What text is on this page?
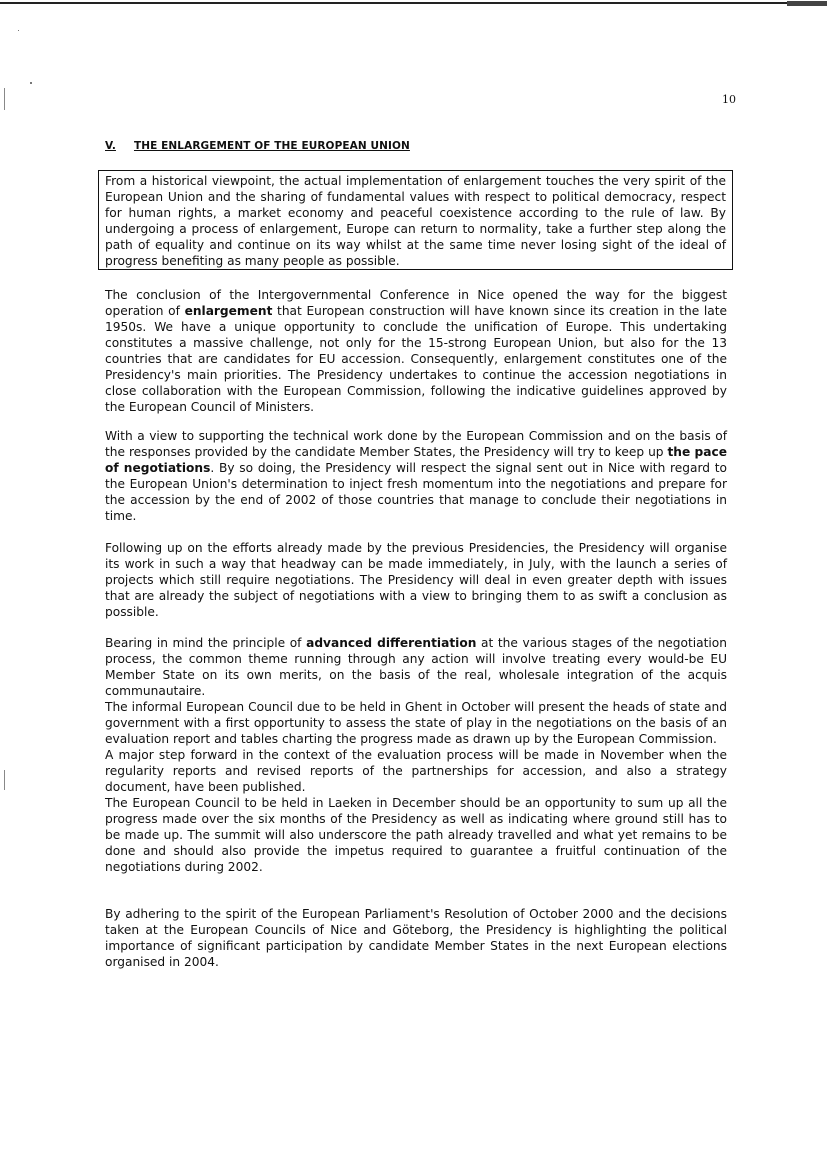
10
V. THE ENLARGEMENT OF THE EUROPEAN UNION
From a historical viewpoint, the actual implementation of enlargement touches the very spirit of the European Union and the sharing of fundamental values with respect to political democracy, respect for human rights, a market economy and peaceful coexistence according to the rule of law. By undergoing a process of enlargement, Europe can return to normality, take a further step along the path of equality and continue on its way whilst at the same time never losing sight of the ideal of progress benefiting as many people as possible.
The conclusion of the Intergovernmental Conference in Nice opened the way for the biggest operation of enlargement that European construction will have known since its creation in the late 1950s. We have a unique opportunity to conclude the unification of Europe. This undertaking constitutes a massive challenge, not only for the 15-strong European Union, but also for the 13 countries that are candidates for EU accession. Consequently, enlargement constitutes one of the Presidency's main priorities. The Presidency undertakes to continue the accession negotiations in close collaboration with the European Commission, following the indicative guidelines approved by the European Council of Ministers.
With a view to supporting the technical work done by the European Commission and on the basis of the responses provided by the candidate Member States, the Presidency will try to keep up the pace of negotiations. By so doing, the Presidency will respect the signal sent out in Nice with regard to the European Union's determination to inject fresh momentum into the negotiations and prepare for the accession by the end of 2002 of those countries that manage to conclude their negotiations in time.
Following up on the efforts already made by the previous Presidencies, the Presidency will organise its work in such a way that headway can be made immediately, in July, with the launch a series of projects which still require negotiations. The Presidency will deal in even greater depth with issues that are already the subject of negotiations with a view to bringing them to as swift a conclusion as possible.

Bearing in mind the principle of advanced differentiation at the various stages of the negotiation process, the common theme running through any action will involve treating every would-be EU Member State on its own merits, on the basis of the real, wholesale integration of the acquis communautaire.

The informal European Council due to be held in Ghent in October will present the heads of state and government with a first opportunity to assess the state of play in the negotiations on the basis of an evaluation report and tables charting the progress made as drawn up by the European Commission.

A major step forward in the context of the evaluation process will be made in November when the regularity reports and revised reports of the partnerships for accession, and also a strategy document, have been published.

The European Council to be held in Laeken in December should be an opportunity to sum up all the progress made over the six months of the Presidency as well as indicating where ground still has to be made up. The summit will also underscore the path already travelled and what yet remains to be done and should also provide the impetus required to guarantee a fruitful continuation of the negotiations during 2002.

By adhering to the spirit of the European Parliament's Resolution of October 2000 and the decisions taken at the European Councils of Nice and Göteborg, the Presidency is highlighting the political importance of significant participation by candidate Member States in the next European elections organised in 2004.
